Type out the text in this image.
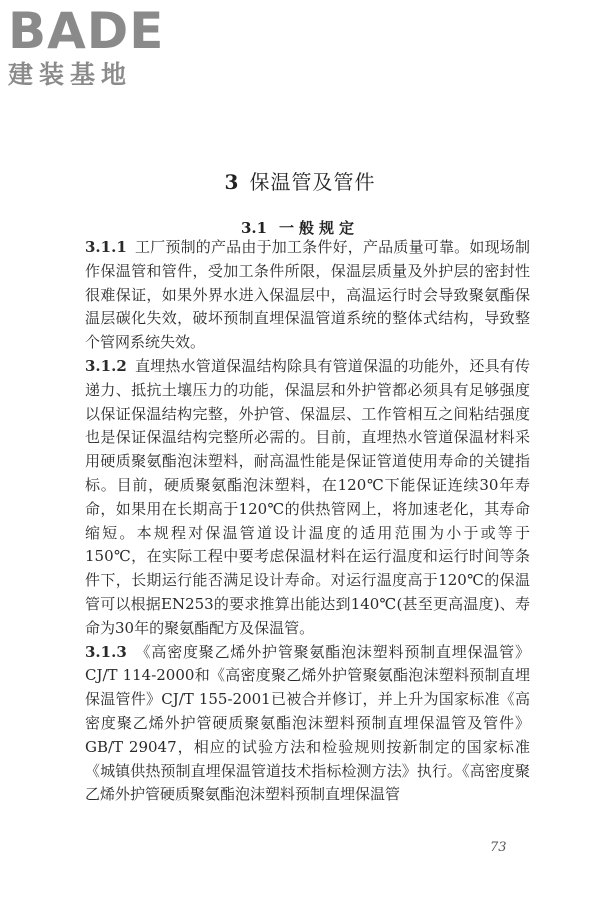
BADE
建装基地
3 保温管及管件
3.1 一般规定

3.1.1 工厂预制的产品由于加工条件好，产品质量可靠。如现场制作保温管和管件，受加工条件所限，保温层质量及外护层的密封性很难保证，如果外界水进入保温层中，高温运行时会导致聚氨酯保温层碳化失效，破坏预制直埋保温管道系统的整体式结构，导致整个管网系统失效。

3.1.2 直埋热水管道保温结构除具有管道保温的功能外，还具有传递力、抵抗土壤压力的功能，保温层和外护管都必须具有足够强度以保证保温结构完整，外护管、保温层、工作管相互之间粘结强度也是保证保温结构完整所必需的。目前，直埋热水管道保温材料采用硬质聚氨酯泡沫塑料，耐高温性能是保证管道使用寿命的关键指标。目前，硬质聚氨酯泡沫塑料，在120℃下能保证连续30年寿命，如果用在长期高于120℃的供热管网上，将加速老化，其寿命缩短。本规程对保温管道设计温度的适用范围为小于或等于150℃，在实际工程中要考虑保温材料在运行温度和运行时间等条件下，长期运行能否满足设计寿命。对运行温度高于120℃的保温管可以根据EN253的要求推算出能达到140℃(甚至更高温度)、寿命为30年的聚氨酯配方及保温管。

3.1.3 《高密度聚乙烯外护管聚氨酯泡沫塑料预制直埋保温管》CJ/T 114-2000和《高密度聚乙烯外护管聚氨酯泡沫塑料预制直埋保温管件》CJ/T 155-2001已被合并修订，并上升为国家标准《高密度聚乙烯外护管硬质聚氨酯泡沫塑料预制直埋保温管及管件》GB/T 29047，相应的试验方法和检验规则按新制定的国家标准《城镇供热预制直埋保温管道技术指标检测方法》执行。《高密度聚乙烯外护管硬质聚氨酯泡沫塑料预制直埋保温管

73
